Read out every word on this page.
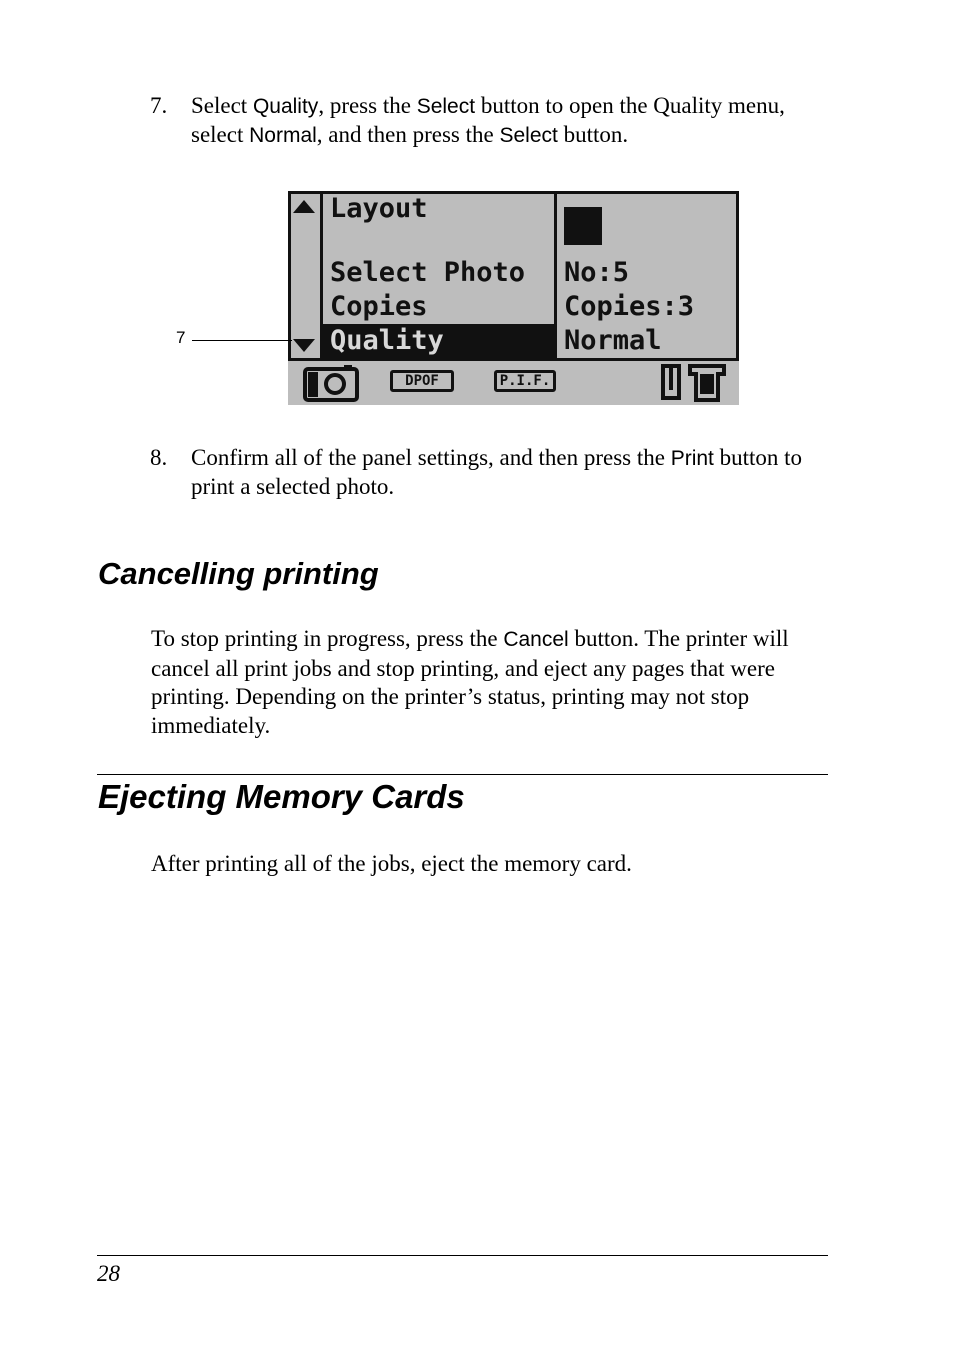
7. Select Quality, press the Select button to open the Quality menu, select Normal, and then press the Select button.
Layout
Select Photo
Copies
Quality
No:5
Copies:3
Normal
DPOF	P.I.F.
7
8. Confirm all of the panel settings, and then press the Print button to print a selected photo.
Cancelling printing
To stop printing in progress, press the Cancel button. The printer will cancel all print jobs and stop printing, and eject any pages that were printing. Depending on the printer’s status, printing may not stop immediately.
Ejecting Memory Cards
After printing all of the jobs, eject the memory card.
28
